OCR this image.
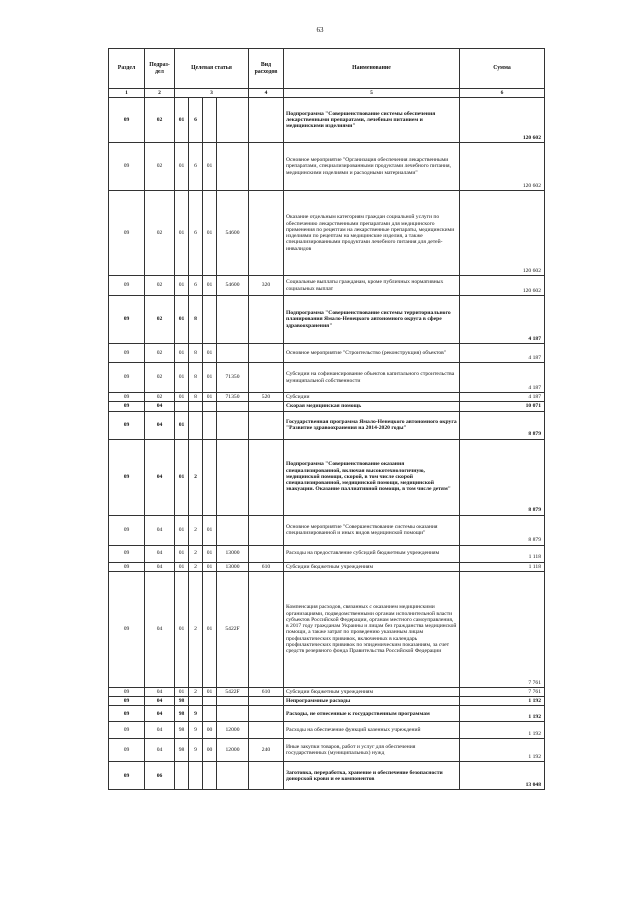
63
Раздел	Подраз-дел	Целевая статья				Вид расходов	Наименование	Сумма
1	2	3				4	5	6
09	02	01	6				Подпрограмма "Совершенствование системы обеспечения лекарственными препаратами, лечебным питанием и медицинскими изделиями"	120 602
09	02	01	6	01			Основное мероприятие "Организация обеспечения лекарственными препаратами, специализированными продуктами лечебного питания, медицинскими изделиями и расходными материалами"	120 602
09	02	01	6	01	54600		Оказание отдельным категориям граждан социальной услуги по обеспечению лекарственными препаратами для медицинского применения по рецептам на лекарственные препараты, медицинскими изделиями по рецептам на медицинские изделия, а также специализированными продуктами лечебного питания для детей-инвалидов	120 602
09	02	01	6	01	54600	320	Социальные выплаты гражданам, кроме публичных нормативных социальных выплат	120 602
09	02	01	8				Подпрограмма "Совершенствование системы территориального планирования Ямало-Ненецкого автономного округа в сфере здравоохранения"	4 187
09	02	01	8	01			Основное мероприятие "Строительство (реконструкция) объектов"	4 187
09	02	01	8	01	71350		Субсидии на софинансирование объектов капитального строительства муниципальной собственности	4 187
09	02	01	8	01	71350	520	Субсидии	4 187
09	04						Скорая медицинская помощь	10 071
09	04	01					Государственная программа Ямало-Ненецкого автономного округа "Развитие здравоохранения на 2014-2020 годы"	8 879
09	04	01	2				Подпрограмма "Совершенствование оказания специализированной, включая высокотехнологичную, медицинской помощи, скорой, в том числе скорой специализированной, медицинской помощи, медицинской эвакуации. Оказание паллиативной помощи, в том числе детям"	8 879
09	04	01	2	01			Основное мероприятие "Совершенствование системы оказания специализированной и иных видов медицинской помощи"	8 879
09	04	01	2	01	13000		Расходы на предоставление субсидий бюджетным учреждениям	1 118
09	04	01	2	01	13000	610	Субсидии бюджетным учреждениям	1 118
09	04	01	2	01	5422F		Компенсация расходов, связанных с оказанием медицинскими организациями, подведомственными органам исполнительной власти субъектов Российской Федерации, органам местного самоуправления, в 2017 году гражданам Украины и лицам без гражданства медицинской помощи, а также затрат по проведению указанным лицам профилактических прививок, включенных в календарь профилактических прививок по эпидемическим показаниям, за счет средств резервного фонда Правительства Российской Федерации	7 761
09	04	01	2	01	5422F	610	Субсидии бюджетным учреждениям	7 761
09	04	98					Непрограммные расходы	1 192
09	04	98	9				Расходы, не отнесенные к государственным программам	1 192
09	04	98	9	00	12000		Расходы на обеспечение функций казенных учреждений	1 192
09	04	98	9	00	12000	240	Иные закупки товаров, работ и услуг для обеспечения государственных (муниципальных) нужд	1 192
09	06						Заготовка, переработка, хранение и обеспечение безопасности донорской крови и ее компонентов	13 048
